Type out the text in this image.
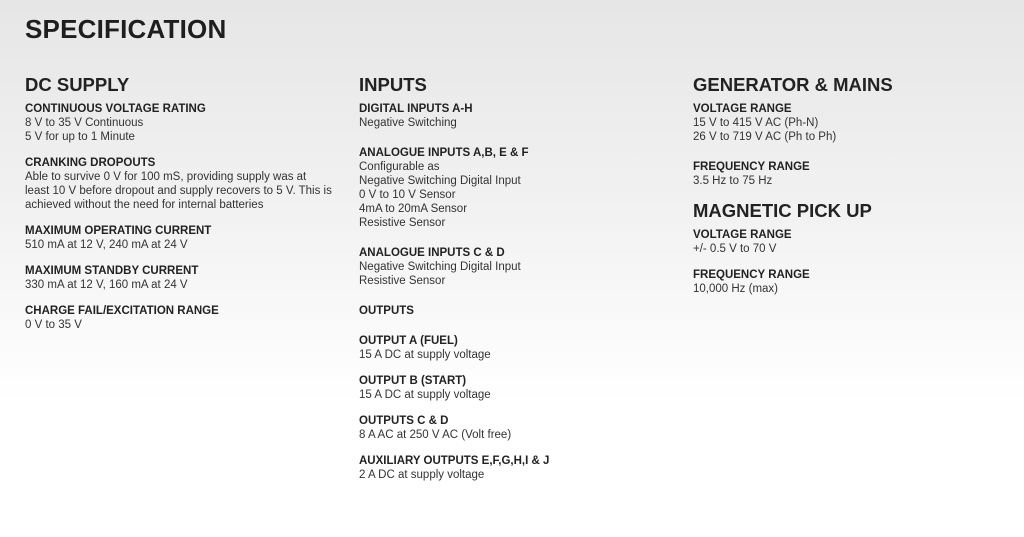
SPECIFICATION
DC SUPPLY
CONTINUOUS VOLTAGE RATING
8 V to 35 V Continuous
5 V for up to 1 Minute
CRANKING DROPOUTS
Able to survive 0 V for 100 mS, providing supply was at
least 10 V before dropout and supply recovers to 5 V. This is
achieved without the need for internal batteries
MAXIMUM OPERATING CURRENT
510 mA at 12 V, 240 mA at 24 V
MAXIMUM STANDBY CURRENT
330 mA at 12 V, 160 mA at 24 V
CHARGE FAIL/EXCITATION RANGE
0 V to 35 V
INPUTS
DIGITAL INPUTS A-H
Negative Switching
ANALOGUE INPUTS A,B, E & F
Configurable as
Negative Switching Digital Input
0 V to 10 V Sensor
4mA to 20mA Sensor
Resistive Sensor
ANALOGUE INPUTS C & D
Negative Switching Digital Input
Resistive Sensor
OUTPUTS
OUTPUT A (FUEL)
15 A DC at supply voltage
OUTPUT B (START)
15 A DC at supply voltage
OUTPUTS C & D
8 A AC at 250 V AC (Volt free)
AUXILIARY OUTPUTS E,F,G,H,I & J
2 A DC at supply voltage
GENERATOR & MAINS
VOLTAGE RANGE
15 V to 415 V AC (Ph-N)
26 V to 719 V AC (Ph to Ph)
FREQUENCY RANGE
3.5 Hz to 75 Hz
MAGNETIC PICK UP
VOLTAGE RANGE
+/- 0.5 V to 70 V
FREQUENCY RANGE
10,000 Hz (max)
